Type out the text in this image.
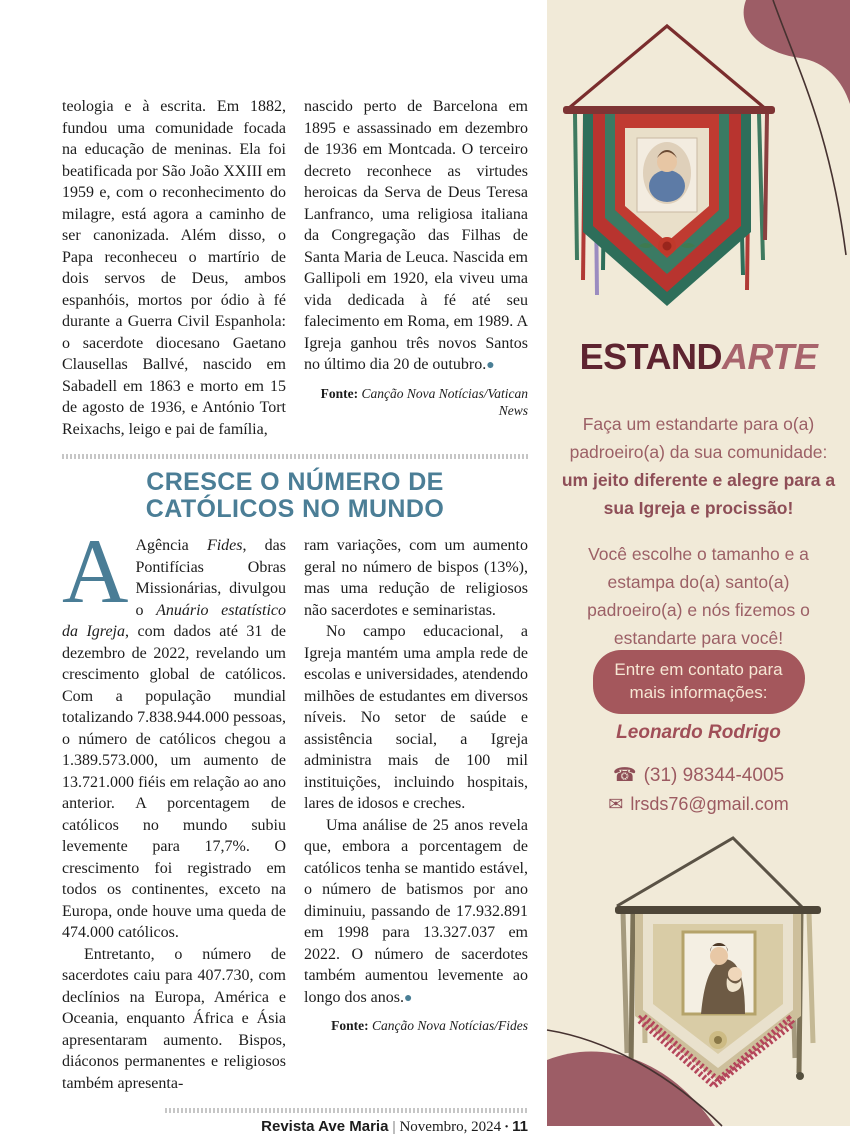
teologia e à escrita. Em 1882, fundou uma comunidade focada na educação de meninas. Ela foi beatificada por São João XXIII em 1959 e, com o reconhecimento do milagre, está agora a caminho de ser canonizada. Além disso, o Papa reconheceu o martírio de dois servos de Deus, ambos espanhóis, mortos por ódio à fé durante a Guerra Civil Espanhola: o sacerdote diocesano Gaetano Clausellas Ballvé, nascido em Sabadell em 1863 e morto em 15 de agosto de 1936, e António Tort Reixachs, leigo e pai de família,

nascido perto de Barcelona em 1895 e assassinado em dezembro de 1936 em Montcada. O terceiro decreto reconhece as virtudes heroicas da Serva de Deus Teresa Lanfranco, uma religiosa italiana da Congregação das Filhas de Santa Maria de Leuca. Nascida em Gallipoli em 1920, ela viveu uma vida dedicada à fé até seu falecimento em Roma, em 1989. A Igreja ganhou três novos Santos no último dia 20 de outubro.●

Fonte: Canção Nova Notícias/Vatican News
CRESCE O NÚMERO DE
CATÓLICOS NO MUNDO

A Agência Fides, das Pontifícias Obras Missionárias, divulgou o Anuário estatístico da Igreja, com dados até 31 de dezembro de 2022, revelando um crescimento global de católicos. Com a população mundial totalizando 7.838.944.000 pessoas, o número de católicos chegou a 1.389.573.000, um aumento de 13.721.000 fiéis em relação ao ano anterior. A porcentagem de católicos no mundo subiu levemente para 17,7%. O crescimento foi registrado em todos os continentes, exceto na Europa, onde houve uma queda de 474.000 católicos.

Entretanto, o número de sacerdotes caiu para 407.730, com declínios na Europa, América e Oceania, enquanto África e Ásia apresentaram aumento. Bispos, diáconos permanentes e religiosos também apresenta-

ram variações, com um aumento geral no número de bispos (13%), mas uma redução de religiosos não sacerdotes e seminaristas.

No campo educacional, a Igreja mantém uma ampla rede de escolas e universidades, atendendo milhões de estudantes em diversos níveis. No setor de saúde e assistência social, a Igreja administra mais de 100 mil instituições, incluindo hospitais, lares de idosos e creches.

Uma análise de 25 anos revela que, embora a porcentagem de católicos tenha se mantido estável, o número de batismos por ano diminuiu, passando de 17.932.891 em 1998 para 13.327.037 em 2022. O número de sacerdotes também aumentou levemente ao longo dos anos.●

Fonte: Canção Nova Notícias/Fides
Revista Ave Maria | Novembro, 2024 · 11
ESTANDARTE

Faça um estandarte para o(a) padroeiro(a) da sua comunidade:

um jeito diferente e alegre para a sua Igreja e procissão!

Você escolhe o tamanho e a estampa do(a) santo(a) padroeiro(a) e nós fizemos o estandarte para você!
Entre em contato para mais informações:
Leonardo Rodrigo
☎ (31) 98344-4005
✉ lrsds76@gmail.com
